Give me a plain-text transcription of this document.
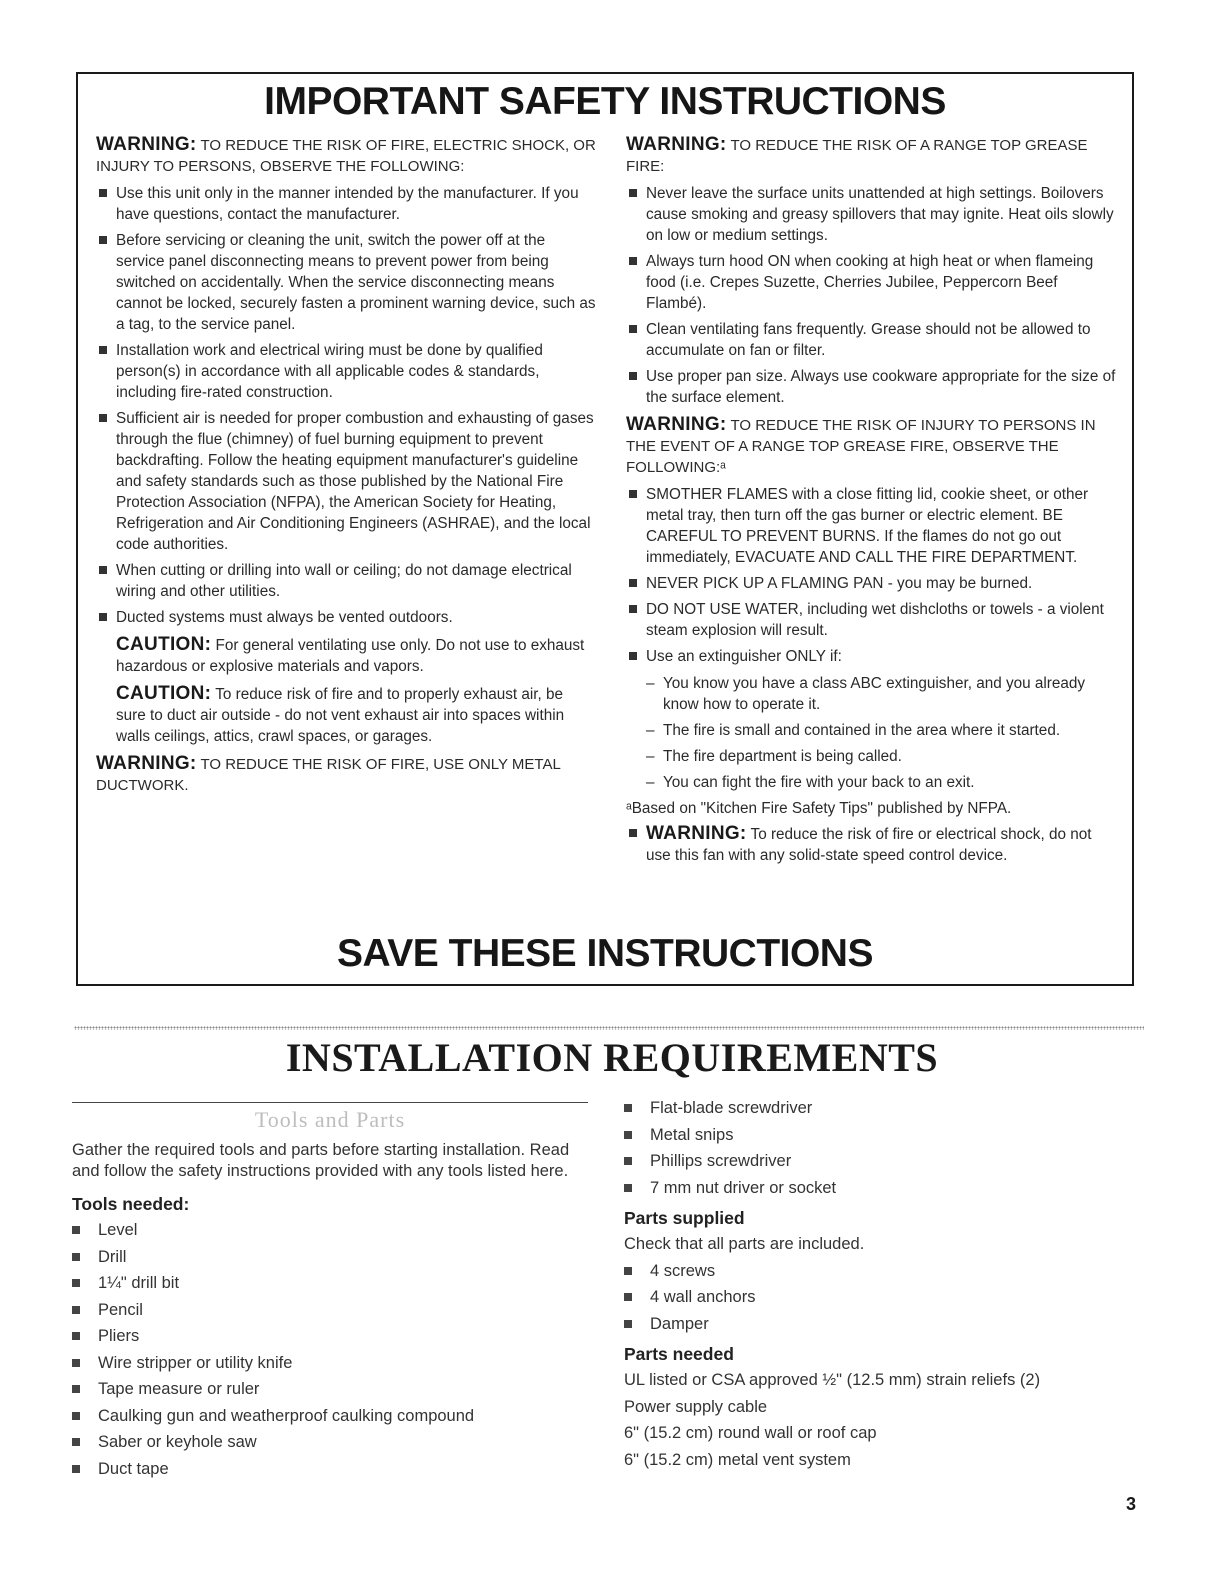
IMPORTANT SAFETY INSTRUCTIONS
WARNING: TO REDUCE THE RISK OF FIRE, ELECTRIC SHOCK, OR INJURY TO PERSONS, OBSERVE THE FOLLOWING:
Use this unit only in the manner intended by the manufacturer. If you have questions, contact the manufacturer.
Before servicing or cleaning the unit, switch the power off at the service panel disconnecting means to prevent power from being switched on accidentally. When the service disconnecting means cannot be locked, securely fasten a prominent warning device, such as a tag, to the service panel.
Installation work and electrical wiring must be done by qualified person(s) in accordance with all applicable codes & standards, including fire-rated construction.
Sufficient air is needed for proper combustion and exhausting of gases through the flue (chimney) of fuel burning equipment to prevent backdrafting. Follow the heating equipment manufacturer's guideline and safety standards such as those published by the National Fire Protection Association (NFPA), the American Society for Heating, Refrigeration and Air Conditioning Engineers (ASHRAE), and the local code authorities.
When cutting or drilling into wall or ceiling; do not damage electrical wiring and other utilities.
Ducted systems must always be vented outdoors.
CAUTION: For general ventilating use only. Do not use to exhaust hazardous or explosive materials and vapors.
CAUTION: To reduce risk of fire and to properly exhaust air, be sure to duct air outside - do not vent exhaust air into spaces within walls ceilings, attics, crawl spaces, or garages.
WARNING: TO REDUCE THE RISK OF FIRE, USE ONLY METAL DUCTWORK.
WARNING: TO REDUCE THE RISK OF A RANGE TOP GREASE FIRE:
Never leave the surface units unattended at high settings. Boilovers cause smoking and greasy spillovers that may ignite. Heat oils slowly on low or medium settings.
Always turn hood ON when cooking at high heat or when flameing food (i.e. Crepes Suzette, Cherries Jubilee, Peppercorn Beef Flambé).
Clean ventilating fans frequently. Grease should not be allowed to accumulate on fan or filter.
Use proper pan size. Always use cookware appropriate for the size of the surface element.
WARNING: TO REDUCE THE RISK OF INJURY TO PERSONS IN THE EVENT OF A RANGE TOP GREASE FIRE, OBSERVE THE FOLLOWING:ᵃ
SMOTHER FLAMES with a close fitting lid, cookie sheet, or other metal tray, then turn off the gas burner or electric element. BE CAREFUL TO PREVENT BURNS. If the flames do not go out immediately, EVACUATE AND CALL THE FIRE DEPARTMENT.
NEVER PICK UP A FLAMING PAN - you may be burned.
DO NOT USE WATER, including wet dishcloths or towels - a violent steam explosion will result.
Use an extinguisher ONLY if:
– You know you have a class ABC extinguisher, and you already know how to operate it.
– The fire is small and contained in the area where it started.
– The fire department is being called.
– You can fight the fire with your back to an exit.
ᵃBased on "Kitchen Fire Safety Tips" published by NFPA.
WARNING: To reduce the risk of fire or electrical shock, do not use this fan with any solid-state speed control device.
SAVE THESE INSTRUCTIONS
INSTALLATION REQUIREMENTS
Tools and Parts
Gather the required tools and parts before starting installation. Read and follow the safety instructions provided with any tools listed here.
Tools needed:
Level
Drill
1¼" drill bit
Pencil
Pliers
Wire stripper or utility knife
Tape measure or ruler
Caulking gun and weatherproof caulking compound
Saber or keyhole saw
Duct tape
Flat-blade screwdriver
Metal snips
Phillips screwdriver
7 mm nut driver or socket
Parts supplied
Check that all parts are included.
4 screws
4 wall anchors
Damper
Parts needed
UL listed or CSA approved ½" (12.5 mm) strain reliefs (2)
Power supply cable
6" (15.2 cm) round wall or roof cap
6" (15.2 cm) metal vent system
3
